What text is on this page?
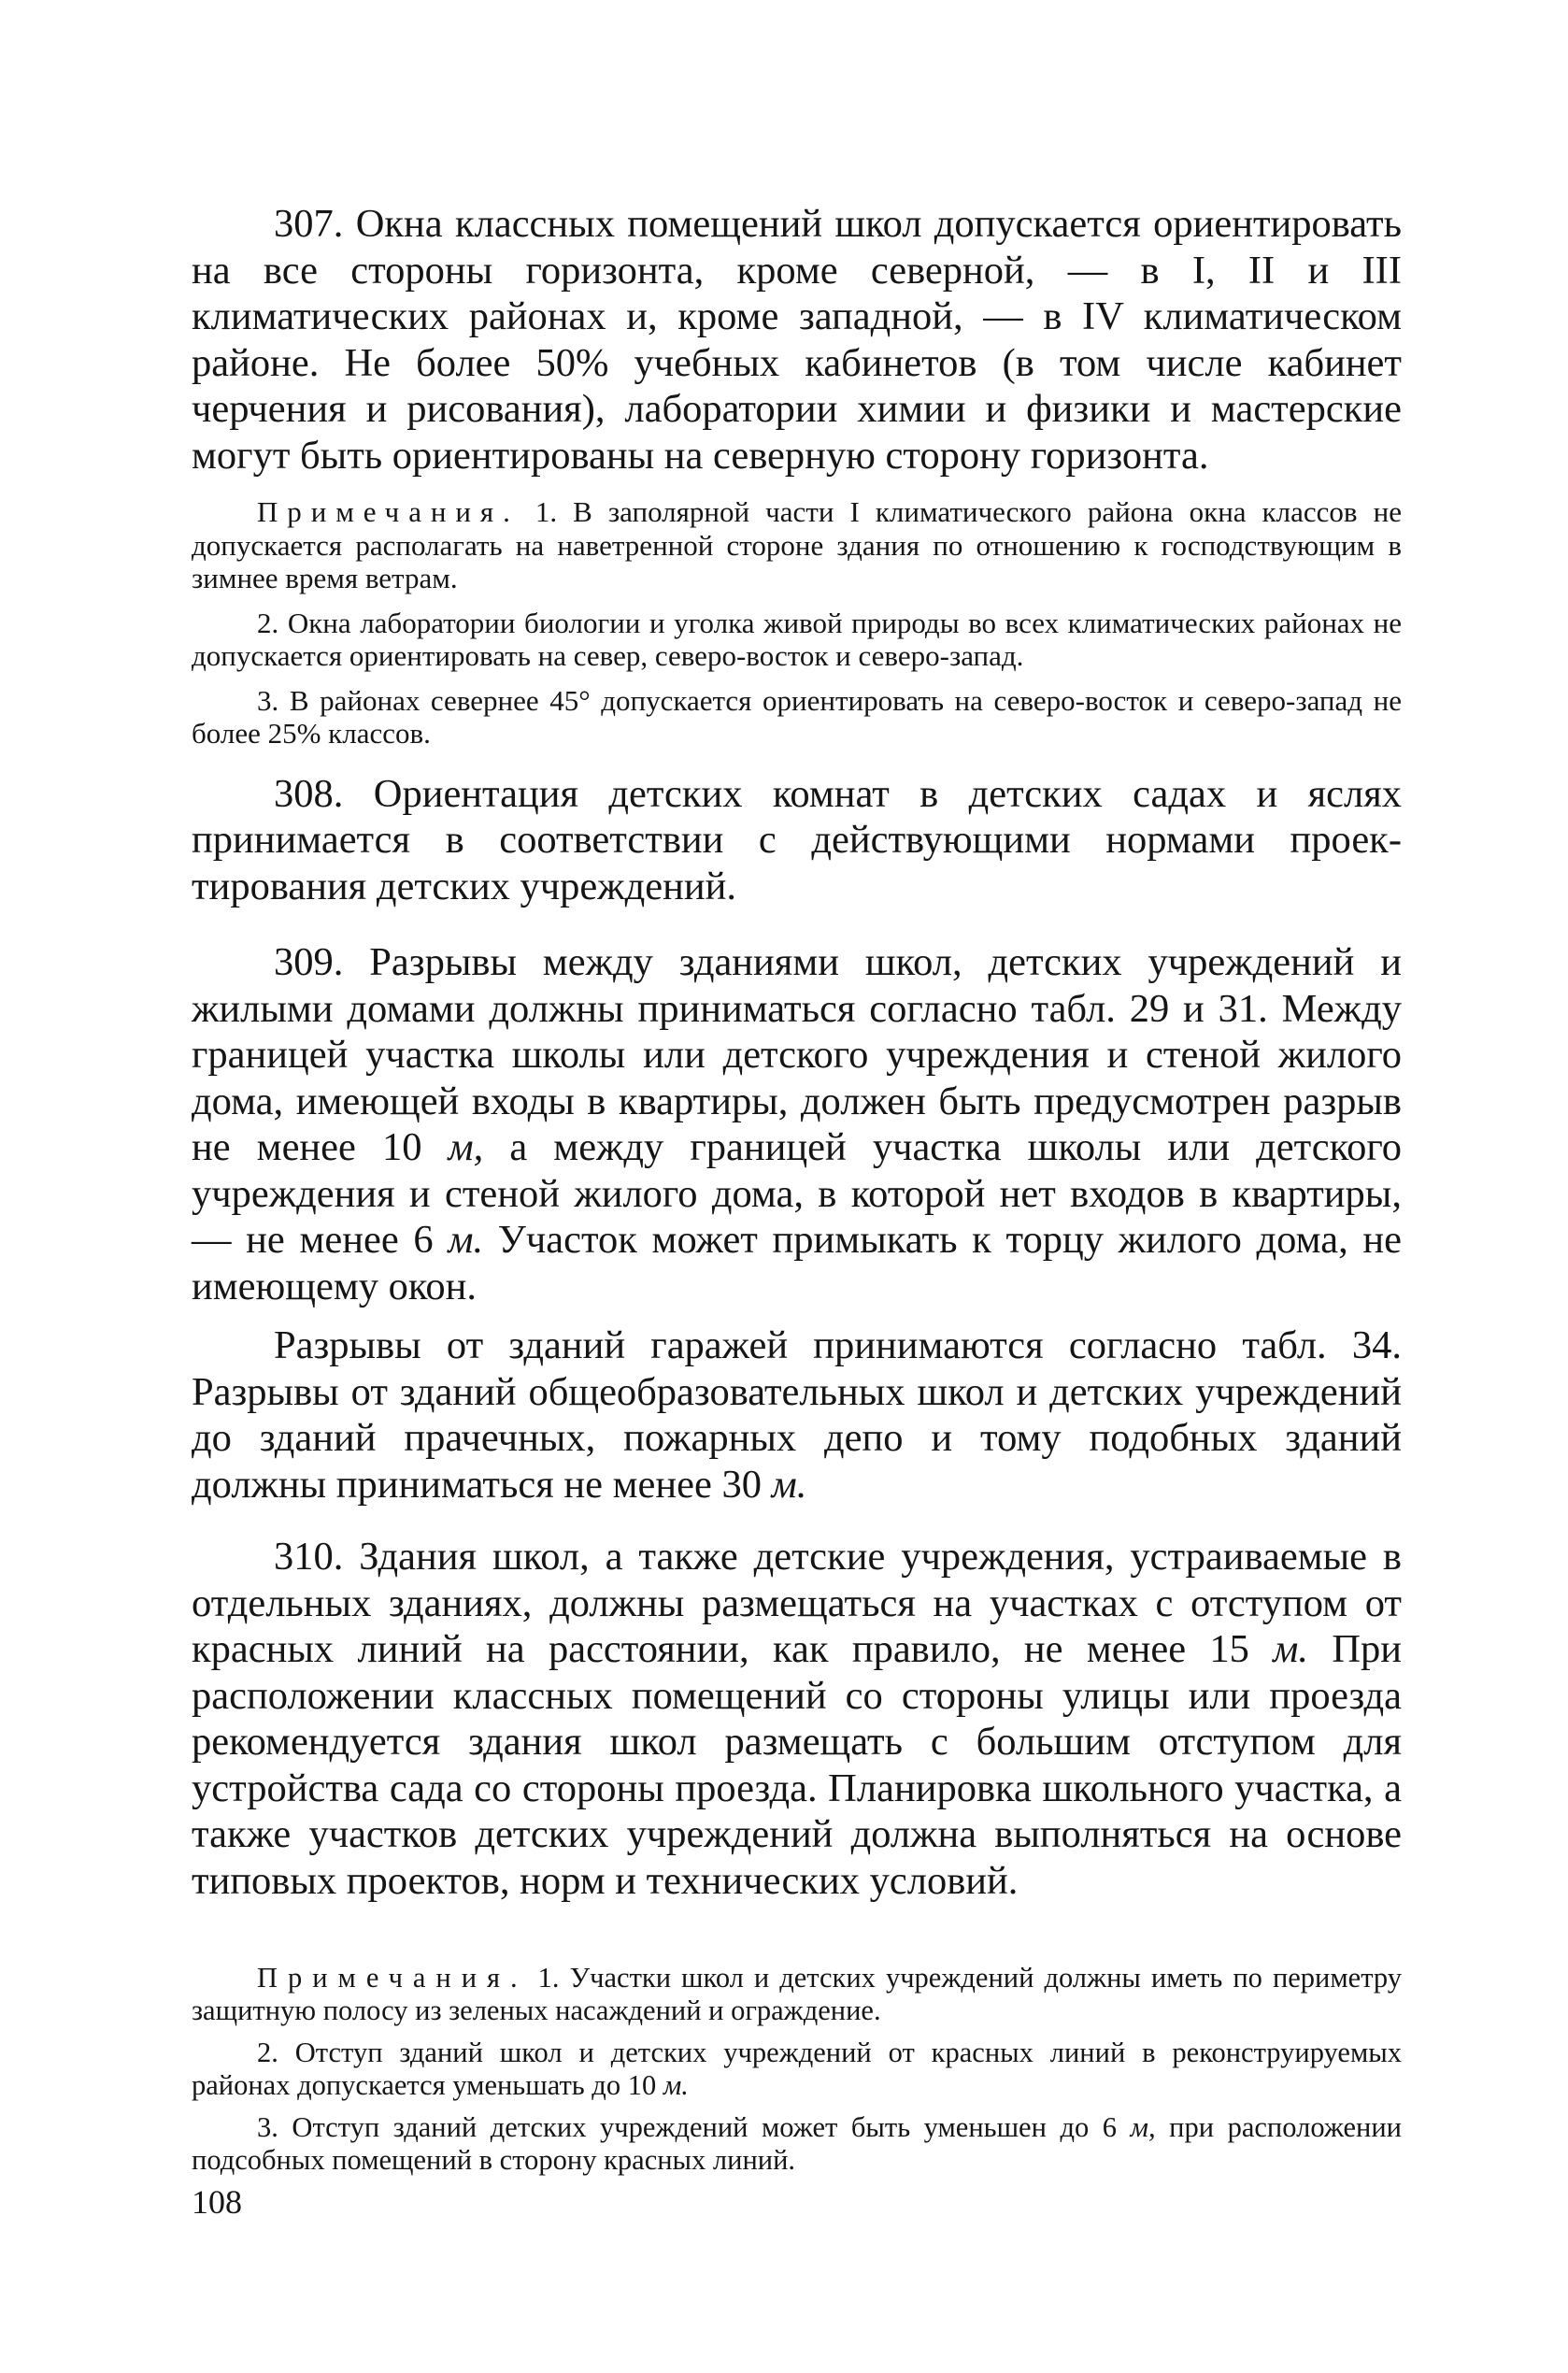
307. Окна классных помещений школ допускается ориентировать на все стороны горизонта, кроме северной, — в I, II и III климатических районах и, кроме западной, — в IV климатическом районе. Не более 50% учебных кабинетов (в том числе кабинет черчения и рисования), лаборатории химии и физики и мастерские могут быть ориентированы на северную сторону горизонта.

Примечания. 1. В заполярной части I климатического района окна классов не допускается располагать на наветренной стороне здания по отношению к господствующим в зимнее время ветрам.

2. Окна лаборатории биологии и уголка живой природы во всех климатических районах не допускается ориентировать на север, северо-восток и северо-запад.

3. В районах севернее 45° допускается ориентировать на северо-восток и северо-запад не более 25% классов.

308. Ориентация детских комнат в детских садах и яслях принимается в соответствии с действующими нормами проектирования детских учреждений.

309. Разрывы между зданиями школ, детских учреждений и жилыми домами должны приниматься согласно табл. 29 и 31. Между границей участка школы или детского учреждения и стеной жилого дома, имеющей входы в квартиры, должен быть предусмотрен разрыв не менее 10 м, а между границей участка школы или детского учреждения и стеной жилого дома, в которой нет входов в квартиры, — не менее 6 м. Участок может примыкать к торцу жилого дома, не имеющему окон.

Разрывы от зданий гаражей принимаются согласно табл. 34. Разрывы от зданий общеобразовательных школ и детских учреждений до зданий прачечных, пожарных депо и тому подобных зданий должны приниматься не менее 30 м.

310. Здания школ, а также детские учреждения, устраиваемые в отдельных зданиях, должны размещаться на участках с отступом от красных линий на расстоянии, как правило, не менее 15 м. При расположении классных помещений со стороны улицы или проезда рекомендуется здания школ размещать с большим отступом для устройства сада со стороны проезда. Планировка школьного участка, а также участков детских учреждений должна выполняться на основе типовых проектов, норм и технических условий.

Примечания. 1. Участки школ и детских учреждений должны иметь по периметру защитную полосу из зеленых насаждений и ограждение.

2. Отступ зданий школ и детских учреждений от красных линий в реконструируемых районах допускается уменьшать до 10 м.

3. Отступ зданий детских учреждений может быть уменьшен до 6 м, при расположении подсобных помещений в сторону красных линий.

108
